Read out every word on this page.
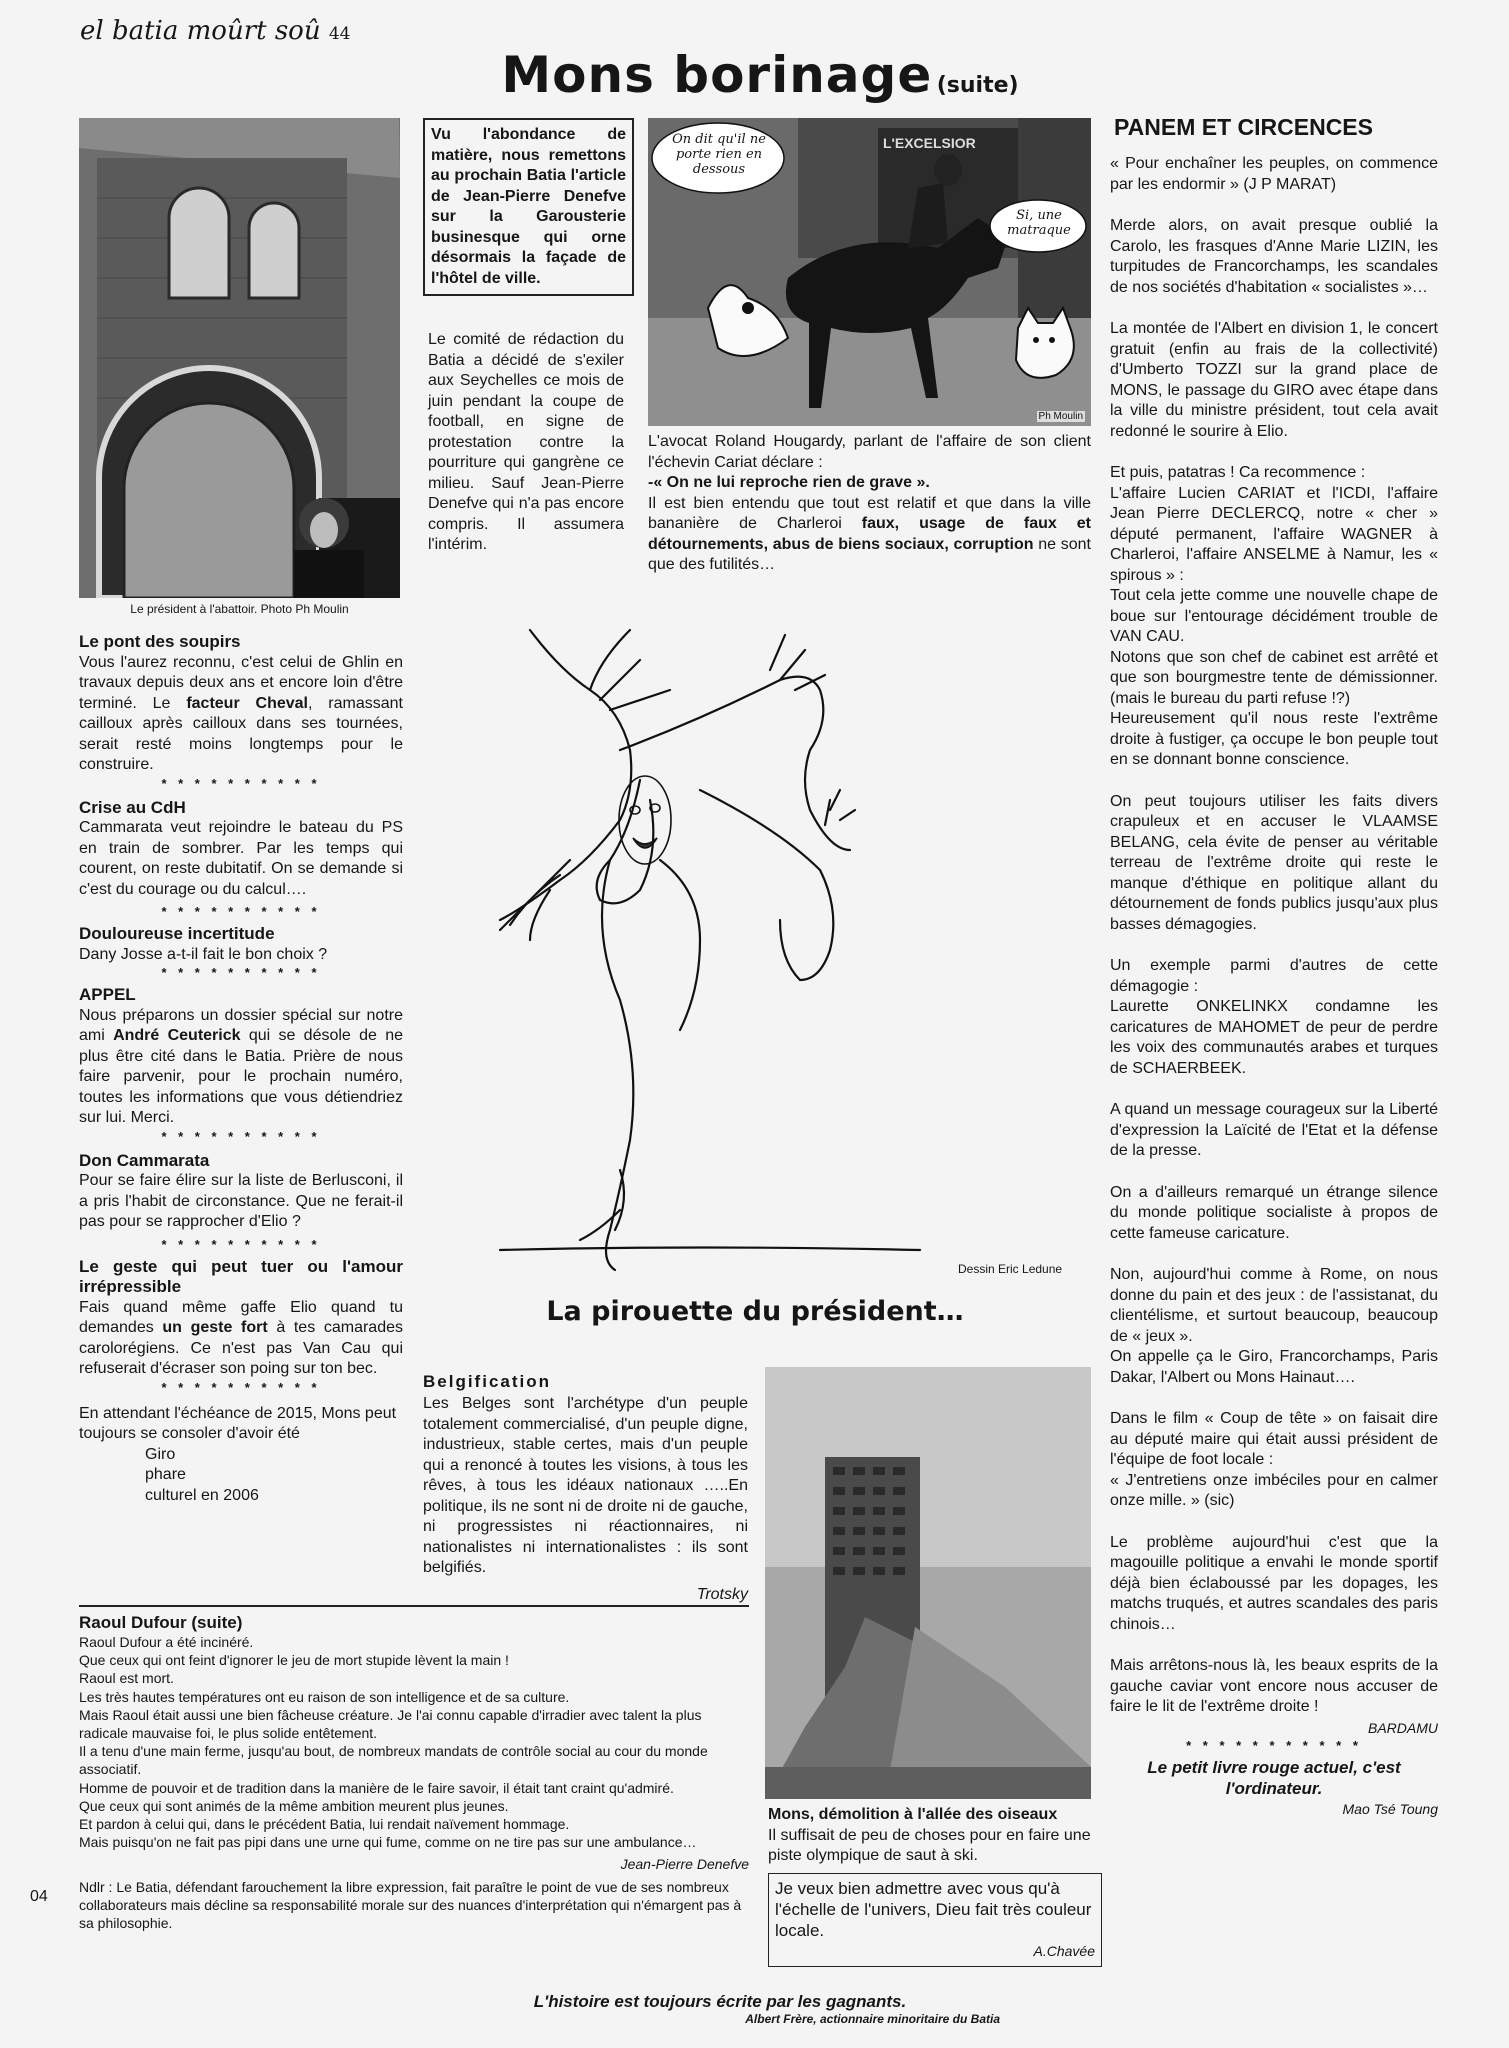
el batia moûrt soû 44
Mons borinage (suite)
Le président à l'abattoir. Photo Ph Moulin
Le pont des soupirs

Vous l'aurez reconnu, c'est celui de Ghlin en travaux depuis deux ans et encore loin d'être terminé. Le facteur Cheval, ramassant cailloux après cailloux dans ses tournées, serait resté moins longtemps pour le construire.

* * * * * * * * * *
Crise au CdH

Cammarata veut rejoindre le bateau du PS en train de sombrer. Par les temps qui courent, on reste dubitatif. On se demande si c'est du courage ou du calcul….

* * * * * * * * * *
Douloureuse incertitude

Dany Josse a-t-il fait le bon choix ?

* * * * * * * * * *
APPEL

Nous préparons un dossier spécial sur notre ami André Ceuterick qui se désole de ne plus être cité dans le Batia. Prière de nous faire parvenir, pour le prochain numéro, toutes les informations que vous détiendriez sur lui. Merci.

* * * * * * * * * *
Don Cammarata

Pour se faire élire sur la liste de Berlusconi, il a pris l'habit de circonstance. Que ne ferait-il pas pour se rapprocher d'Elio ?

* * * * * * * * * *
Le geste qui peut tuer ou l'amour irrépressible

Fais quand même gaffe Elio quand tu demandes un geste fort à tes camarades carolorégiens. Ce n'est pas Van Cau qui refuserait d'écraser son poing sur ton bec.

* * * * * * * * * *

En attendant l'échéance de 2015, Mons peut toujours se consoler d'avoir été

Giro

phare

culturel en 2006

Vu l'abondance de matière, nous remettons au prochain Batia l'article de Jean-Pierre Denefve sur la Garousterie businesque qui orne désormais la façade de l'hôtel de ville.
Le comité de rédaction du Batia a décidé de s'exiler aux Seychelles ce mois de juin pendant la coupe de football, en signe de protestation contre la pourriture qui gangrène ce milieu. Sauf Jean-Pierre Denefve qui n'a pas encore compris. Il assumera l'intérim.
L'EXCELSIOR
On dit qu'il ne porte rien en dessous
Si, une matraque
Ph Moulin

L'avocat Roland Hougardy, parlant de l'affaire de son client l'échevin Cariat déclare :

-« On ne lui reproche rien de grave ».

Il est bien entendu que tout est relatif et que dans la ville bananière de Charleroi faux, usage de faux et détournements, abus de biens sociaux, corruption ne sont que des futilités…

Dessin Eric Ledune
La pirouette du président…
Belgification

Les Belges sont l'archétype d'un peuple totalement commercialisé, d'un peuple digne, industrieux, stable certes, mais d'un peuple qui a renoncé à toutes les visions, à tous les rêves, à tous les idéaux nationaux …..En politique, ils ne sont ni de droite ni de gauche, ni progressistes ni réactionnaires, ni nationalistes ni internationalistes : ils sont belgifiés.

Trotsky

Mons, démolition à l'allée des oiseaux

Il suffisait de peu de choses pour en faire une piste olympique de saut à ski.

Je veux bien admettre avec vous qu'à l'échelle de l'univers, Dieu fait très couleur locale.

A.Chavée

Raoul Dufour (suite)

Raoul Dufour a été incinéré.

Que ceux qui ont feint d'ignorer le jeu de mort stupide lèvent la main !

Raoul est mort.

Les très hautes températures ont eu raison de son intelligence et de sa culture.

Mais Raoul était aussi une bien fâcheuse créature. Je l'ai connu capable d'irradier avec talent la plus radicale mauvaise foi, le plus solide entêtement.

Il a tenu d'une main ferme, jusqu'au bout, de nombreux mandats de contrôle social au cour du monde associatif.

Homme de pouvoir et de tradition dans la manière de le faire savoir, il était tant craint qu'admiré.

Que ceux qui sont animés de la même ambition meurent plus jeunes.

Et pardon à celui qui, dans le précédent Batia, lui rendait naïvement hommage.

Mais puisqu'on ne fait pas pipi dans une urne qui fume, comme on ne tire pas sur une ambulance…

Jean-Pierre Denefve

Ndlr : Le Batia, défendant farouchement la libre expression, fait paraître le point de vue de ses nombreux collaborateurs mais décline sa responsabilité morale sur des nuances d'interprétation qui n'émargent pas à sa philosophie.

04

L'histoire est toujours écrite par les gagnants.

Albert Frère, actionnaire minoritaire du Batia

PANEM ET CIRCENCES

« Pour enchaîner les peuples, on commence par les endormir » (J P MARAT)

Merde alors, on avait presque oublié la Carolo, les frasques d'Anne Marie LIZIN, les turpitudes de Francorchamps, les scandales de nos sociétés d'habitation « socialistes »…

La montée de l'Albert en division 1, le concert gratuit (enfin au frais de la collectivité) d'Umberto TOZZI sur la grand place de MONS, le passage du GIRO avec étape dans la ville du ministre président, tout cela avait redonné le sourire à Elio.

Et puis, patatras ! Ca recommence :

L'affaire Lucien CARIAT et l'ICDI, l'affaire Jean Pierre DECLERCQ, notre « cher » député permanent, l'affaire WAGNER à Charleroi, l'affaire ANSELME à Namur, les « spirous » :

Tout cela jette comme une nouvelle chape de boue sur l'entourage décidément trouble de VAN CAU.

Notons que son chef de cabinet est arrêté et que son bourgmestre tente de démissionner. (mais le bureau du parti refuse !?)

Heureusement qu'il nous reste l'extrême droite à fustiger, ça occupe le bon peuple tout en se donnant bonne conscience.

On peut toujours utiliser les faits divers crapuleux et en accuser le VLAAMSE BELANG, cela évite de penser au véritable terreau de l'extrême droite qui reste le manque d'éthique en politique allant du détournement de fonds publics jusqu'aux plus basses démagogies.

Un exemple parmi d'autres de cette démagogie :

Laurette ONKELINKX condamne les caricatures de MAHOMET de peur de perdre les voix des communautés arabes et turques de SCHAERBEEK.

A quand un message courageux sur la Liberté d'expression la Laïcité de l'Etat et la défense de la presse.

On a d'ailleurs remarqué un étrange silence du monde politique socialiste à propos de cette fameuse caricature.

Non, aujourd'hui comme à Rome, on nous donne du pain et des jeux : de l'assistanat, du clientélisme, et surtout beaucoup, beaucoup de « jeux ».

On appelle ça le Giro, Francorchamps, Paris Dakar, l'Albert ou Mons Hainaut….

Dans le film « Coup de tête » on faisait dire au député maire qui était aussi président de l'équipe de foot locale :

« J'entretiens onze imbéciles pour en calmer onze mille. » (sic)

Le problème aujourd'hui c'est que la magouille politique a envahi le monde sportif déjà bien éclaboussé par les dopages, les matchs truqués, et autres scandales des paris chinois…

Mais arrêtons-nous là, les beaux esprits de la gauche caviar vont encore nous accuser de faire le lit de l'extrême droite !

BARDAMU

* * * * * * * * * * *

Le petit livre rouge actuel, c'est l'ordinateur.

Mao Tsé Toung
